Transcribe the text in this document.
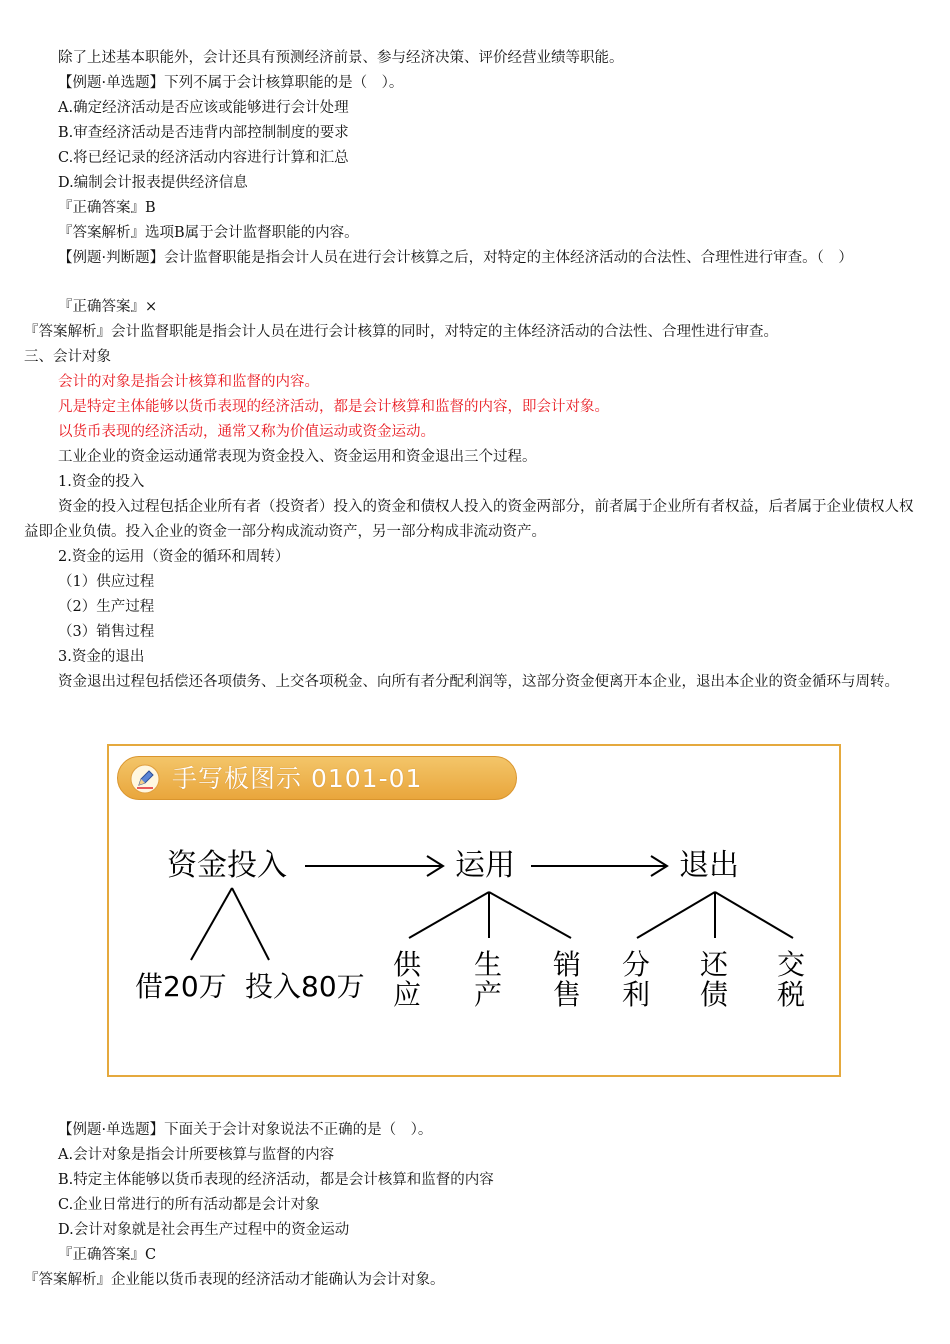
除了上述基本职能外，会计还具有预测经济前景、参与经济决策、评价经营业绩等职能。
【例题·单选题】下列不属于会计核算职能的是（　）。
A.确定经济活动是否应该或能够进行会计处理
B.审查经济活动是否违背内部控制制度的要求
C.将已经记录的经济活动内容进行计算和汇总
D.编制会计报表提供经济信息
『正确答案』B
『答案解析』选项B属于会计监督职能的内容。
【例题·判断题】会计监督职能是指会计人员在进行会计核算之后，对特定的主体经济活动的合法性、合理性进行审查。（　）
『正确答案』×
『答案解析』会计监督职能是指会计人员在进行会计核算的同时，对特定的主体经济活动的合法性、合理性进行审查。
三、会计对象
会计的对象是指会计核算和监督的内容。
凡是特定主体能够以货币表现的经济活动，都是会计核算和监督的内容，即会计对象。
以货币表现的经济活动，通常又称为价值运动或资金运动。
工业企业的资金运动通常表现为资金投入、资金运用和资金退出三个过程。
1.资金的投入
资金的投入过程包括企业所有者（投资者）投入的资金和债权人投入的资金两部分，前者属于企业所有者权益，后者属于企业债权人权益即企业负债。投入企业的资金一部分构成流动资产，另一部分构成非流动资产。
2.资金的运用（资金的循环和周转）
（1）供应过程
（2）生产过程
（3）销售过程
3.资金的退出
资金退出过程包括偿还各项债务、上交各项税金、向所有者分配利润等，这部分资金便离开本企业，退出本企业的资金循环与周转。
手写板图示 0101-01
资金投入	运用	退出
借20万 投入80万
供应
生产
销售
分利
还债
交税
【例题·单选题】下面关于会计对象说法不正确的是（　）。
A.会计对象是指会计所要核算与监督的内容
B.特定主体能够以货币表现的经济活动，都是会计核算和监督的内容
C.企业日常进行的所有活动都是会计对象
D.会计对象就是社会再生产过程中的资金运动
『正确答案』C
『答案解析』企业能以货币表现的经济活动才能确认为会计对象。
